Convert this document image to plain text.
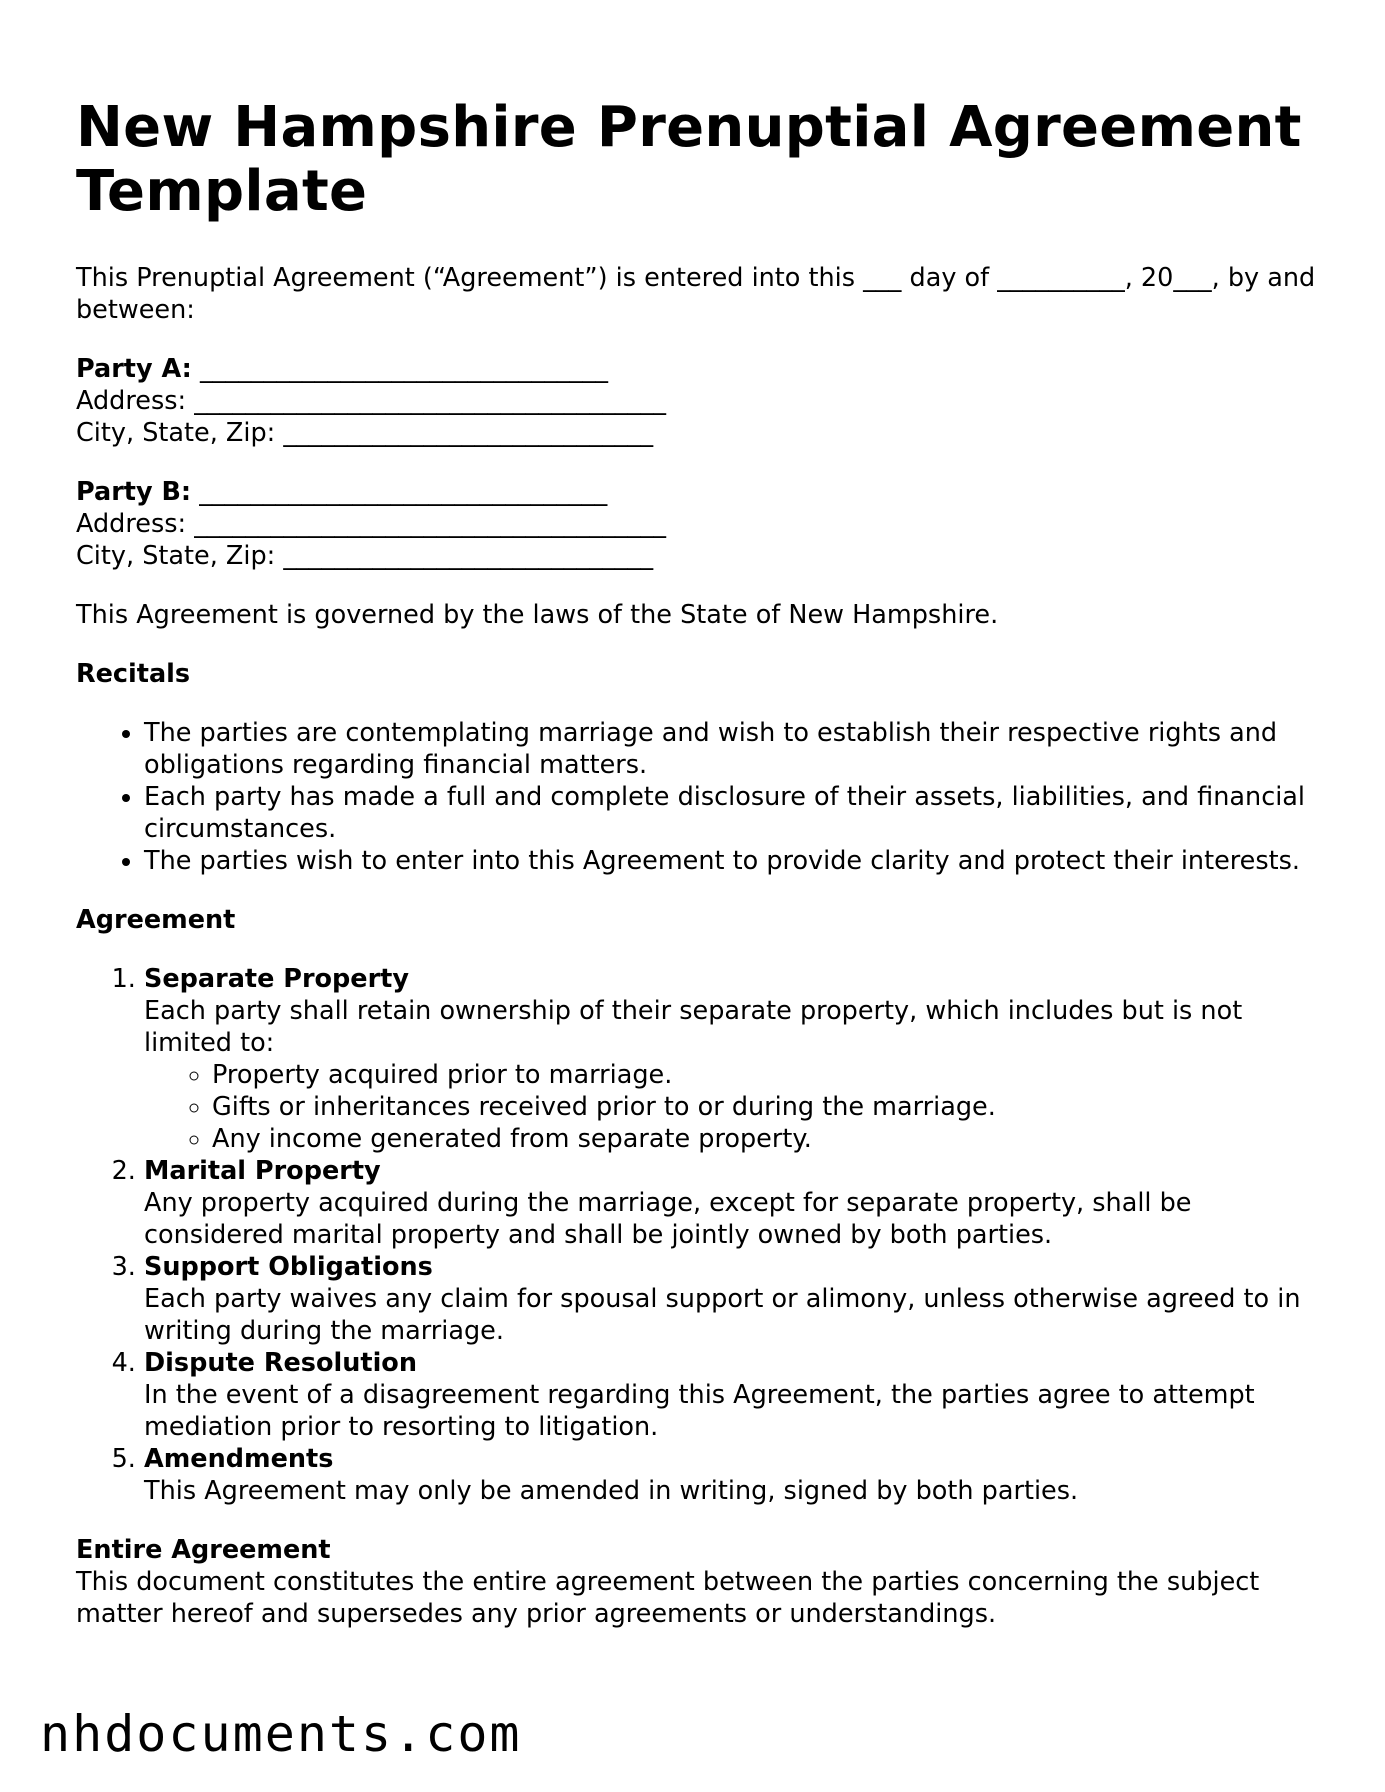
New Hampshire Prenuptial Agreement Template

This Prenuptial Agreement (“Agreement”) is entered into this ___ day of __________, 20___, by and between:

Party A: ________________________________
Address: _____________________________________
City, State, Zip: _____________________________
Party B: ________________________________
Address: _____________________________________
City, State, Zip: _____________________________

This Agreement is governed by the laws of the State of New Hampshire.

Recitals

• The parties are contemplating marriage and wish to establish their respective rights and obligations regarding financial matters.
• Each party has made a full and complete disclosure of their assets, liabilities, and financial circumstances.
• The parties wish to enter into this Agreement to provide clarity and protect their interests.

Agreement

1. Separate Property
Each party shall retain ownership of their separate property, which includes but is not limited to:
◦ Property acquired prior to marriage.
◦ Gifts or inheritances received prior to or during the marriage.
◦ Any income generated from separate property.
2. Marital Property
Any property acquired during the marriage, except for separate property, shall be considered marital property and shall be jointly owned by both parties.
3. Support Obligations
Each party waives any claim for spousal support or alimony, unless otherwise agreed to in writing during the marriage.
4. Dispute Resolution
In the event of a disagreement regarding this Agreement, the parties agree to attempt mediation prior to resorting to litigation.
5. Amendments
This Agreement may only be amended in writing, signed by both parties.
Entire Agreement
This document constitutes the entire agreement between the parties concerning the subject matter hereof and supersedes any prior agreements or understandings.
nhdocuments.com
